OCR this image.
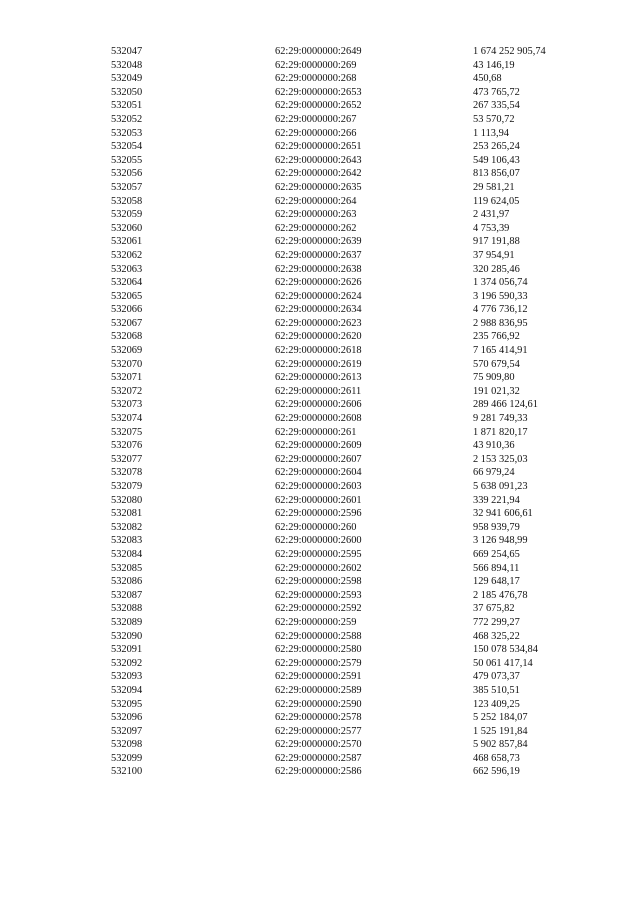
532047	62:29:0000000:2649	1 674 252 905,74
532048	62:29:0000000:269	43 146,19
532049	62:29:0000000:268	450,68
532050	62:29:0000000:2653	473 765,72
532051	62:29:0000000:2652	267 335,54
532052	62:29:0000000:267	53 570,72
532053	62:29:0000000:266	1 113,94
532054	62:29:0000000:2651	253 265,24
532055	62:29:0000000:2643	549 106,43
532056	62:29:0000000:2642	813 856,07
532057	62:29:0000000:2635	29 581,21
532058	62:29:0000000:264	119 624,05
532059	62:29:0000000:263	2 431,97
532060	62:29:0000000:262	4 753,39
532061	62:29:0000000:2639	917 191,88
532062	62:29:0000000:2637	37 954,91
532063	62:29:0000000:2638	320 285,46
532064	62:29:0000000:2626	1 374 056,74
532065	62:29:0000000:2624	3 196 590,33
532066	62:29:0000000:2634	4 776 736,12
532067	62:29:0000000:2623	2 988 836,95
532068	62:29:0000000:2620	235 766,92
532069	62:29:0000000:2618	7 165 414,91
532070	62:29:0000000:2619	570 679,54
532071	62:29:0000000:2613	75 909,80
532072	62:29:0000000:2611	191 021,32
532073	62:29:0000000:2606	289 466 124,61
532074	62:29:0000000:2608	9 281 749,33
532075	62:29:0000000:261	1 871 820,17
532076	62:29:0000000:2609	43 910,36
532077	62:29:0000000:2607	2 153 325,03
532078	62:29:0000000:2604	66 979,24
532079	62:29:0000000:2603	5 638 091,23
532080	62:29:0000000:2601	339 221,94
532081	62:29:0000000:2596	32 941 606,61
532082	62:29:0000000:260	958 939,79
532083	62:29:0000000:2600	3 126 948,99
532084	62:29:0000000:2595	669 254,65
532085	62:29:0000000:2602	566 894,11
532086	62:29:0000000:2598	129 648,17
532087	62:29:0000000:2593	2 185 476,78
532088	62:29:0000000:2592	37 675,82
532089	62:29:0000000:259	772 299,27
532090	62:29:0000000:2588	468 325,22
532091	62:29:0000000:2580	150 078 534,84
532092	62:29:0000000:2579	50 061 417,14
532093	62:29:0000000:2591	479 073,37
532094	62:29:0000000:2589	385 510,51
532095	62:29:0000000:2590	123 409,25
532096	62:29:0000000:2578	5 252 184,07
532097	62:29:0000000:2577	1 525 191,84
532098	62:29:0000000:2570	5 902 857,84
532099	62:29:0000000:2587	468 658,73
532100	62:29:0000000:2586	662 596,19
